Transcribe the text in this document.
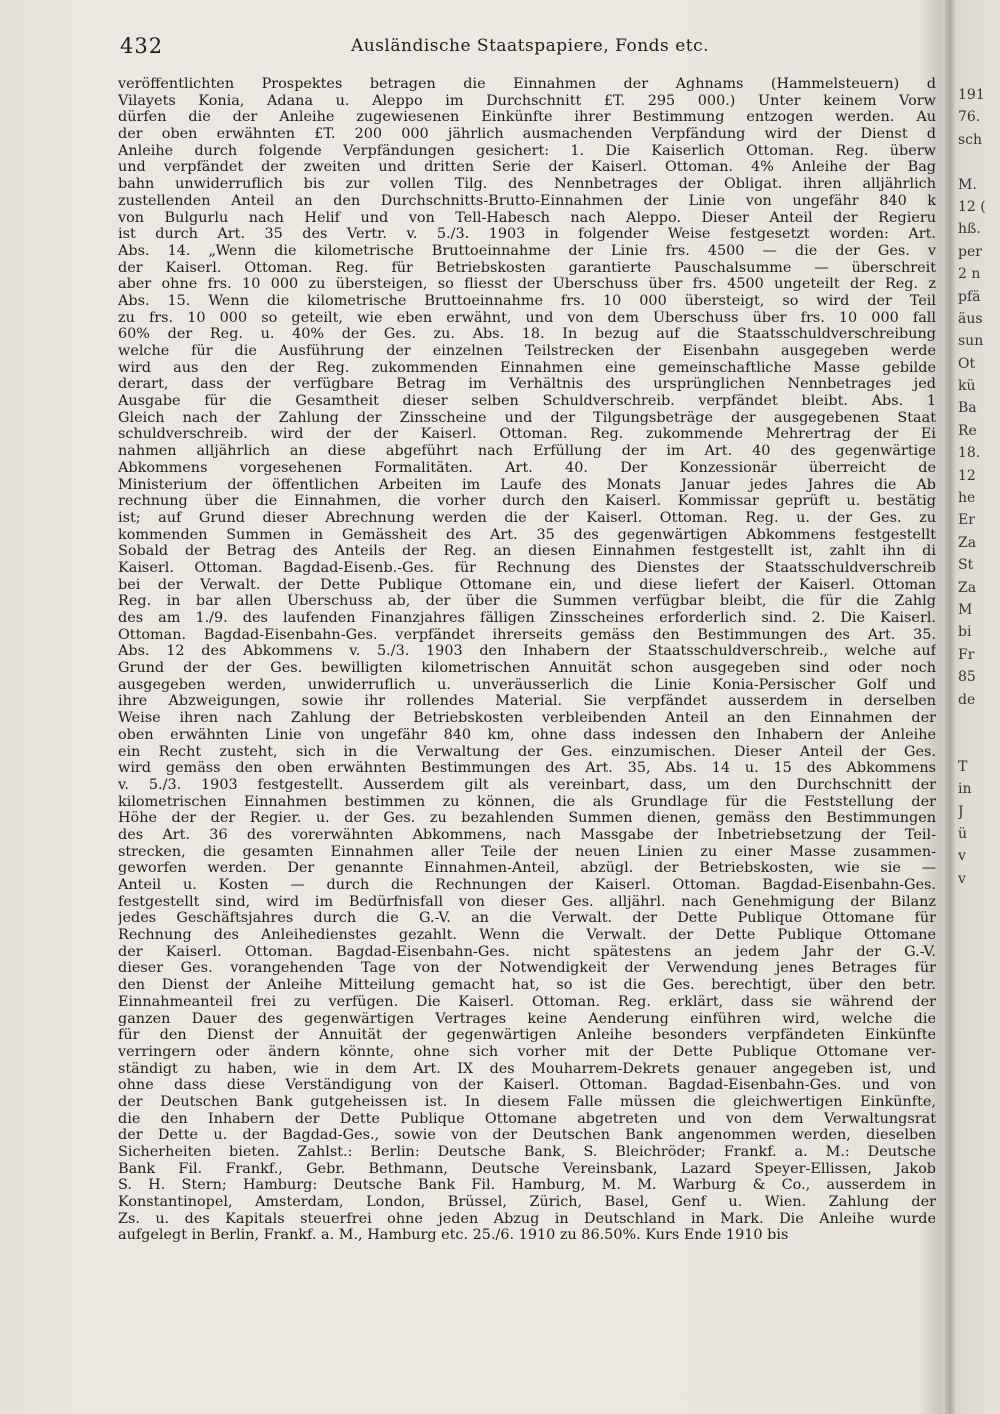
432	Ausländische Staatspapiere, Fonds etc.
veröffentlichten Prospektes betragen die Einnahmen der Aghnams (Hammelsteuern) d
Vilayets Konia, Adana u. Aleppo im Durchschnitt £T. 295 000.) Unter keinem Vorw
dürfen die der Anleihe zugewiesenen Einkünfte ihrer Bestimmung entzogen werden. Au
der oben erwähnten £T. 200 000 jährlich ausmachenden Verpfändung wird der Dienst d
Anleihe durch folgende Verpfändungen gesichert: 1. Die Kaiserlich Ottoman. Reg. überw
und verpfändet der zweiten und dritten Serie der Kaiserl. Ottoman. 4% Anleihe der Bag
bahn unwiderruflich bis zur vollen Tilg. des Nennbetrages der Obligat. ihren alljährlich
zustellenden Anteil an den Durchschnitts-Brutto-Einnahmen der Linie von ungefähr 840 k
von Bulgurlu nach Helif und von Tell-Habesch nach Aleppo. Dieser Anteil der Regieru
ist durch Art. 35 des Vertr. v. 5./3. 1903 in folgender Weise festgesetzt worden: Art.
Abs. 14. „Wenn die kilometrische Bruttoeinnahme der Linie frs. 4500 — die der Ges. v
der Kaiserl. Ottoman. Reg. für Betriebskosten garantierte Pauschalsumme — überschreit
aber ohne frs. 10 000 zu übersteigen, so fliesst der Überschuss über frs. 4500 ungeteilt der Reg. z
Abs. 15. Wenn die kilometrische Bruttoeinnahme frs. 10 000 übersteigt, so wird der Teil
zu frs. 10 000 so geteilt, wie eben erwähnt, und von dem Überschuss über frs. 10 000 fall
60% der Reg. u. 40% der Ges. zu. Abs. 18. In bezug auf die Staatsschuldverschreibung
welche für die Ausführung der einzelnen Teilstrecken der Eisenbahn ausgegeben werde
wird aus den der Reg. zukommenden Einnahmen eine gemeinschaftliche Masse gebilde
derart, dass der verfügbare Betrag im Verhältnis des ursprünglichen Nennbetrages jed
Ausgabe für die Gesamtheit dieser selben Schuldverschreib. verpfändet bleibt. Abs. 1
Gleich nach der Zahlung der Zinsscheine und der Tilgungsbeträge der ausgegebenen Staat
schuldverschreib. wird der der Kaiserl. Ottoman. Reg. zukommende Mehrertrag der Ei
nahmen alljährlich an diese abgeführt nach Erfüllung der im Art. 40 des gegenwärtige
Abkommens vorgesehenen Formalitäten. Art. 40. Der Konzessionär überreicht de
Ministerium der öffentlichen Arbeiten im Laufe des Monats Januar jedes Jahres die Ab
rechnung über die Einnahmen, die vorher durch den Kaiserl. Kommissar geprüft u. bestätig
ist; auf Grund dieser Abrechnung werden die der Kaiserl. Ottoman. Reg. u. der Ges. zu
kommenden Summen in Gemässheit des Art. 35 des gegenwärtigen Abkommens festgestellt
Sobald der Betrag des Anteils der Reg. an diesen Einnahmen festgestellt ist, zahlt ihn di
Kaiserl. Ottoman. Bagdad-Eisenb.-Ges. für Rechnung des Dienstes der Staatsschuldverschreib
bei der Verwalt. der Dette Publique Ottomane ein, und diese liefert der Kaiserl. Ottoman
Reg. in bar allen Überschuss ab, der über die Summen verfügbar bleibt, die für die Zahlg
des am 1./9. des laufenden Finanzjahres fälligen Zinsscheines erforderlich sind. 2. Die Kaiserl.
Ottoman. Bagdad-Eisenbahn-Ges. verpfändet ihrerseits gemäss den Bestimmungen des Art. 35.
Abs. 12 des Abkommens v. 5./3. 1903 den Inhabern der Staatsschuldverschreib., welche auf
Grund der der Ges. bewilligten kilometrischen Annuität schon ausgegeben sind oder noch
ausgegeben werden, unwiderruflich u. unveräusserlich die Linie Konia-Persischer Golf und
ihre Abzweigungen, sowie ihr rollendes Material. Sie verpfändet ausserdem in derselben
Weise ihren nach Zahlung der Betriebskosten verbleibenden Anteil an den Einnahmen der
oben erwähnten Linie von ungefähr 840 km, ohne dass indessen den Inhabern der Anleihe
ein Recht zusteht, sich in die Verwaltung der Ges. einzumischen. Dieser Anteil der Ges.
wird gemäss den oben erwähnten Bestimmungen des Art. 35, Abs. 14 u. 15 des Abkommens
v. 5./3. 1903 festgestellt. Ausserdem gilt als vereinbart, dass, um den Durchschnitt der
kilometrischen Einnahmen bestimmen zu können, die als Grundlage für die Feststellung der
Höhe der der Regier. u. der Ges. zu bezahlenden Summen dienen, gemäss den Bestimmungen
des Art. 36 des vorerwähnten Abkommens, nach Massgabe der Inbetriebsetzung der Teil-
strecken, die gesamten Einnahmen aller Teile der neuen Linien zu einer Masse zusammen-
geworfen werden. Der genannte Einnahmen-Anteil, abzügl. der Betriebskosten, wie sie —
Anteil u. Kosten — durch die Rechnungen der Kaiserl. Ottoman. Bagdad-Eisenbahn-Ges.
festgestellt sind, wird im Bedürfnisfall von dieser Ges. alljährl. nach Genehmigung der Bilanz
jedes Geschäftsjahres durch die G.-V. an die Verwalt. der Dette Publique Ottomane für
Rechnung des Anleihedienstes gezahlt. Wenn die Verwalt. der Dette Publique Ottomane
der Kaiserl. Ottoman. Bagdad-Eisenbahn-Ges. nicht spätestens an jedem Jahr der G.-V.
dieser Ges. vorangehenden Tage von der Notwendigkeit der Verwendung jenes Betrages für
den Dienst der Anleihe Mitteilung gemacht hat, so ist die Ges. berechtigt, über den betr.
Einnahmeanteil frei zu verfügen. Die Kaiserl. Ottoman. Reg. erklärt, dass sie während der
ganzen Dauer des gegenwärtigen Vertrages keine Aenderung einführen wird, welche die
für den Dienst der Annuität der gegenwärtigen Anleihe besonders verpfändeten Einkünfte
verringern oder ändern könnte, ohne sich vorher mit der Dette Publique Ottomane ver-
ständigt zu haben, wie in dem Art. IX des Mouharrem-Dekrets genauer angegeben ist, und
ohne dass diese Verständigung von der Kaiserl. Ottoman. Bagdad-Eisenbahn-Ges. und von
der Deutschen Bank gutgeheissen ist. In diesem Falle müssen die gleichwertigen Einkünfte,
die den Inhabern der Dette Publique Ottomane abgetreten und von dem Verwaltungsrat
der Dette u. der Bagdad-Ges., sowie von der Deutschen Bank angenommen werden, dieselben
Sicherheiten bieten. Zahlst.: Berlin: Deutsche Bank, S. Bleichröder; Frankf. a. M.: Deutsche
Bank Fil. Frankf., Gebr. Bethmann, Deutsche Vereinsbank, Lazard Speyer-Ellissen, Jakob
S. H. Stern; Hamburg: Deutsche Bank Fil. Hamburg, M. M. Warburg & Co., ausserdem in
Konstantinopel, Amsterdam, London, Brüssel, Zürich, Basel, Genf u. Wien. Zahlung der
Zs. u. des Kapitals steuerfrei ohne jeden Abzug in Deutschland in Mark. Die Anleihe wurde
aufgelegt in Berlin, Frankf. a. M., Hamburg etc. 25./6. 1910 zu 86.50%. Kurs Ende 1910 bis
191
76.
sch
M.
12 (
hß.
per
2 n
pfä
äus
sun
Ot
kü
Ba
Re
18.
12
he
Er
Za
St
Za
M
bi
Fr
85
de
T
in
J
ü
v
v
